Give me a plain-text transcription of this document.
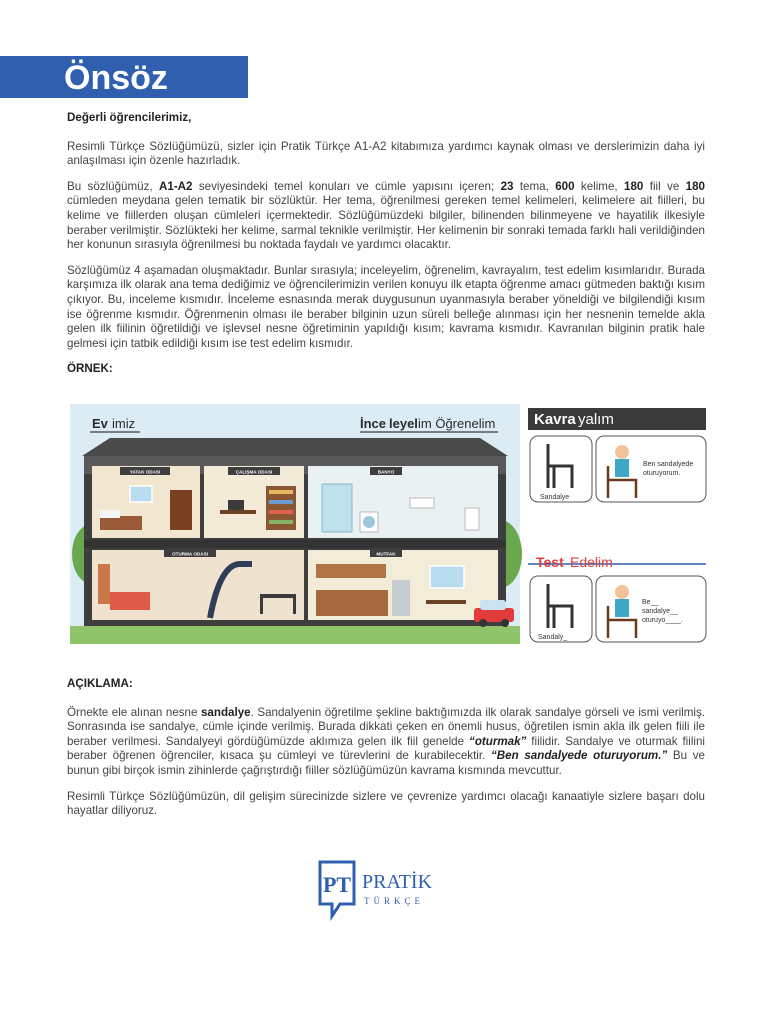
Önsöz

Değerli öğrencilerimiz,

Resimli Türkçe Sözlüğümüzü, sizler için Pratik Türkçe A1-A2 kitabımıza yardımcı kaynak olması ve derslerimizin daha iyi anlaşılması için özenle hazırladık.

Bu sözlüğümüz, A1-A2 seviyesindeki temel konuları ve cümle yapısını içeren; 23 tema, 600 kelime, 180 fiil ve 180 cümleden meydana gelen tematik bir sözlüktür. Her tema, öğrenilmesi gereken temel kelimeleri, kelimelere ait fiilleri, bu kelime ve fiillerden oluşan cümleleri içermektedir. Sözlüğümüzdeki bilgiler, bilinenden bilinmeyene ve hayatilik ilkesiyle beraber verilmiştir. Sözlükteki her kelime, sarmal teknikle verilmiştir. Her kelimenin bir sonraki temada farklı hali verildiğinden her konunun sırasıyla öğrenilmesi bu noktada faydalı ve yardımcı olacaktır.

Sözlüğümüz 4 aşamadan oluşmaktadır. Bunlar sırasıyla; inceleyelim, öğrenelim, kavrayalım, test edelim kısımlarıdır. Burada karşımıza ilk olarak ana tema dediğimiz ve öğrencilerimizin verilen konuyu ilk etapta öğrenme amacı gütmeden baktığı kısım çıkıyor. Bu, inceleme kısmıdır. İnceleme esnasında merak duygusunun uyanmasıyla beraber yöneldiği ve bilgilendiği kısım ise öğrenme kısmıdır. Öğrenmenin olması ile beraber bilginin uzun süreli belleğe alınması için her nesnenin temelde akla gelen ilk fiilinin öğretildiği ve işlevsel nesne öğretiminin yapıldığı kısım; kavrama kısmıdır. Kavranılan bilginin pratik hale gelmesi için tatbik edildiği kısım ise test edelim kısmıdır.

ÖRNEK:

Ev imiz	İnce leyel im Öğrenelim
YATAK ODASI	ÇALIŞMA ODASI	BANYO
OTURMA ODASI	MUTFAK
Kavra yalım
Sandalye
Ben sandalyede oturuyorum.
Test Edelim
Sandaly_
Be__
sandalye__
oturuyo____.

AÇIKLAMA:

Örnekte ele alınan nesne sandalye. Sandalyenin öğretilme şekline baktığımızda ilk olarak sandalye görseli ve ismi verilmiş. Sonrasında ise sandalye, cümle içinde verilmiş. Burada dikkati çeken en önemli husus, öğretilen ismin akla ilk gelen fiili ile beraber verilmesi. Sandalyeyi gördüğümüzde aklımıza gelen ilk fiil genelde “oturmak” fiilidir. Sandalye ve oturmak fiilini beraber öğrenen öğrenciler, kısaca şu cümleyi ve türevlerini de kurabilecektir. “Ben sandalyede oturuyorum.” Bu ve bunun gibi birçok ismin zihinlerde çağrıştırdığı fiiller sözlüğümüzün kavrama kısmında mevcuttur.

Resimli Türkçe Sözlüğümüzün, dil gelişim sürecinizde sizlere ve çevrenize yardımcı olacağı kanaatiyle sizlere başarı dolu hayatlar diliyoruz.

PT PRATİK
TÜRKÇE
